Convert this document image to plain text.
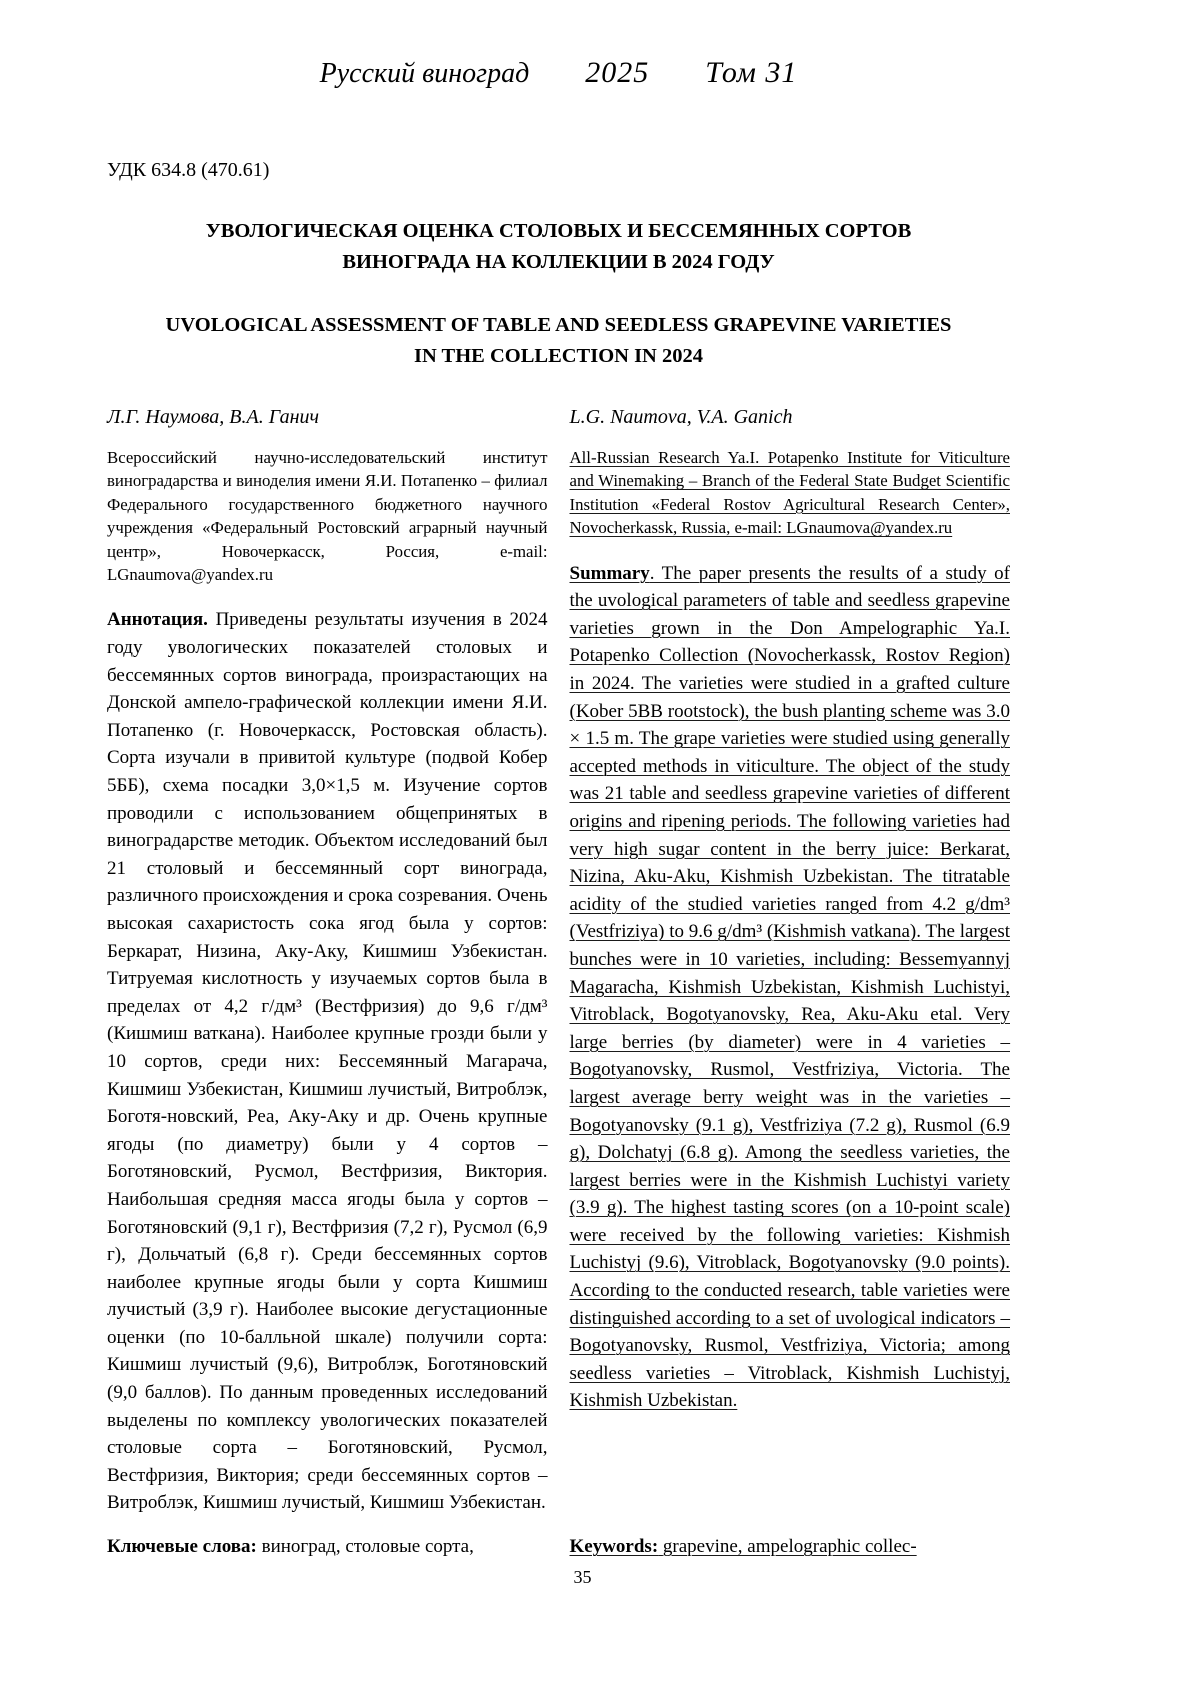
Русский виноград 2025 Том 31
УДК 634.8 (470.61)
УВОЛОГИЧЕСКАЯ ОЦЕНКА СТОЛОВЫХ И БЕССЕМЯННЫХ СОРТОВ
ВИНОГРАДА НА КОЛЛЕКЦИИ В 2024 ГОДУ
UVOLOGICAL ASSESSMENT OF TABLE AND SEEDLESS GRAPEVINE VARIETIES
IN THE COLLECTION IN 2024
Л.Г. Наумова, В.А. Ганич

Всероссийский научно-исследовательский институт виноградарства и виноделия имени Я.И. Потапенко – филиал Федерального государственного бюджетного научного учреждения «Федеральный Ростовский аграрный научный центр», Новочеркасск, Россия, e-mail: LGnaumova@yandex.ru

Аннотация. Приведены результаты изучения в 2024 году увологических показателей столовых и бессемянных сортов винограда, произрастающих на Донской ампело-графической коллекции имени Я.И. Потапенко (г. Новочеркасск, Ростовская область). Сорта изучали в привитой культуре (подвой Кобер 5ББ), схема посадки 3,0×1,5 м. Изучение сортов проводили с использованием общепринятых в виноградарстве методик. Объектом исследований был 21 столовый и бессемянный сорт винограда, различного происхождения и срока созревания. Очень высокая сахаристость сока ягод была у сортов: Беркарат, Низина, Аку-Аку, Кишмиш Узбекистан. Титруемая кислотность у изучаемых сортов была в пределах от 4,2 г/дм³ (Вестфризия) до 9,6 г/дм³ (Кишмиш ваткана). Наиболее крупные грозди были у 10 сортов, среди них: Бессемянный Магарача, Кишмиш Узбекистан, Кишмиш лучистый, Витроблэк, Боготя-новский, Реа, Аку-Аку и др. Очень крупные ягоды (по диаметру) были у 4 сортов – Боготяновский, Русмол, Вестфризия, Виктория. Наибольшая средняя масса ягоды была у сортов – Боготяновский (9,1 г), Вестфризия (7,2 г), Русмол (6,9 г), Дольчатый (6,8 г). Среди бессемянных сортов наиболее крупные ягоды были у сорта Кишмиш лучистый (3,9 г). Наиболее высокие дегустационные оценки (по 10-балльной шкале) получили сорта: Кишмиш лучистый (9,6), Витроблэк, Боготяновский (9,0 баллов). По данным проведенных исследований выделены по комплексу увологических показателей столовые сорта – Боготяновский, Русмол, Вестфризия, Виктория; среди бессемянных сортов – Витроблэк, Кишмиш лучистый, Кишмиш Узбекистан.

Ключевые слова: виноград, столовые сорта,

L.G. Naumova, V.A. Ganich

All-Russian Research Ya.I. Potapenko Institute for Viticulture and Winemaking – Branch of the Federal State Budget Scientific Institution «Federal Rostov Agricultural Research Center», Novocherkassk, Russia, e-mail: LGnaumova@yandex.ru

Summary. The paper presents the results of a study of the uvological parameters of table and seedless grapevine varieties grown in the Don Ampelographic Ya.I. Potapenko Collection (Novocherkassk, Rostov Region) in 2024. The varieties were studied in a grafted culture (Kober 5BB rootstock), the bush planting scheme was 3.0 × 1.5 m. The grape varieties were studied using generally accepted methods in viticulture. The object of the study was 21 table and seedless grapevine varieties of different origins and ripening periods. The following varieties had very high sugar content in the berry juice: Berkarat, Nizina, Aku-Aku, Kishmish Uzbekistan. The titratable acidity of the studied varieties ranged from 4.2 g/dm³ (Vestfriziya) to 9.6 g/dm³ (Kishmish vatkana). The largest bunches were in 10 varieties, including: Bessemyannyj Magaracha, Kishmish Uzbekistan, Kishmish Luchistyi, Vitroblack, Bogotyanovsky, Rea, Aku-Aku etal. Very large berries (by diameter) were in 4 varieties – Bogotyanovsky, Rusmol, Vestfriziya, Victoria. The largest average berry weight was in the varieties – Bogotyanovsky (9.1 g), Vestfriziya (7.2 g), Rusmol (6.9 g), Dolchatyj (6.8 g). Among the seedless varieties, the largest berries were in the Kishmish Luchistyi variety (3.9 g). The highest tasting scores (on a 10-point scale) were received by the following varieties: Kishmish Luchistyj (9.6), Vitroblack, Bogotyanovsky (9.0 points). According to the conducted research, table varieties were distinguished according to a set of uvological indicators – Bogotyanovsky, Rusmol, Vestfriziya, Victoria; among seedless varieties – Vitroblack, Kishmish Luchistyj, Kishmish Uzbekistan.

Keywords: grapevine, ampelographic collec-

35
